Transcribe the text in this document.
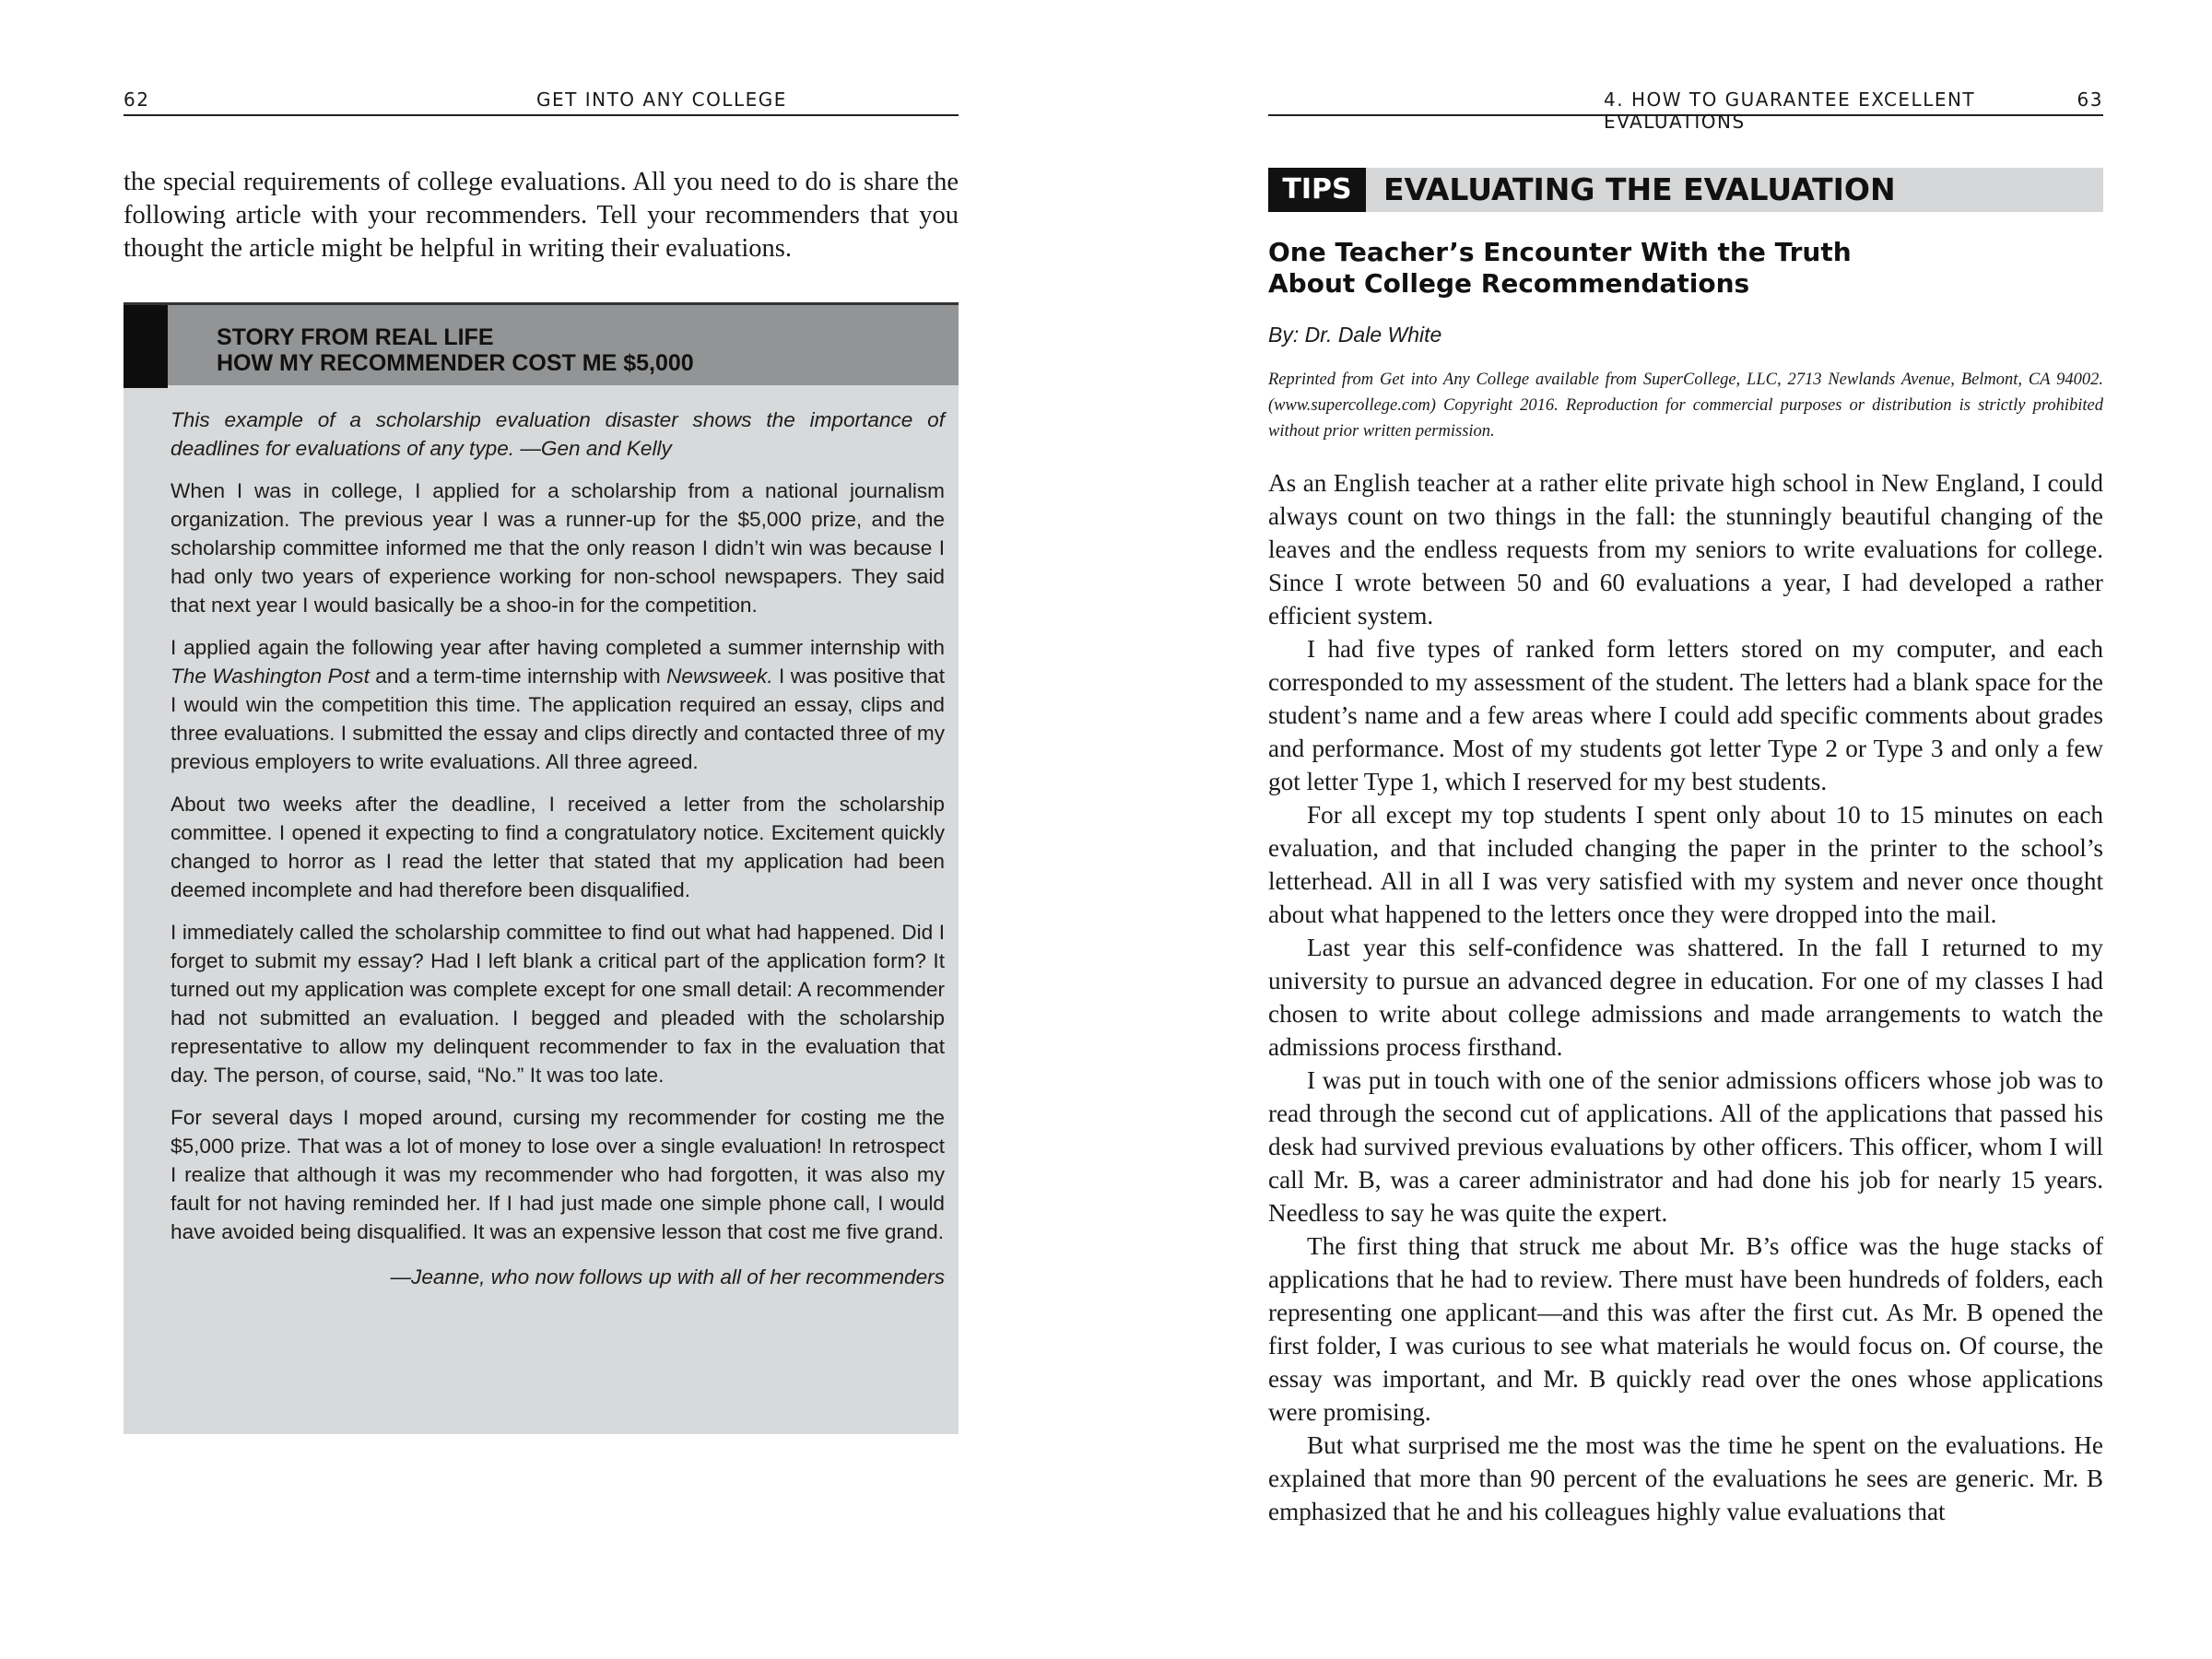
62	GET INTO ANY COLLEGE

the special requirements of college evaluations. All you need to do is share the following article with your recommenders. Tell your recommenders that you thought the article might be helpful in writing their evaluations.

STORY FROM REAL LIFE
HOW MY RECOMMENDER COST ME $5,000

This example of a scholarship evaluation disaster shows the importance of deadlines for evaluations of any type. —Gen and Kelly

When I was in college, I applied for a scholarship from a national journalism organization. The previous year I was a runner-up for the $5,000 prize, and the scholarship committee informed me that the only reason I didn’t win was because I had only two years of experience working for non-school newspapers. They said that next year I would basically be a shoo-in for the competition.

I applied again the following year after having completed a summer internship with The Washington Post and a term-time internship with Newsweek. I was positive that I would win the competition this time. The application required an essay, clips and three evaluations. I submitted the essay and clips directly and contacted three of my previous employers to write evaluations. All three agreed.

About two weeks after the deadline, I received a letter from the scholarship committee. I opened it expecting to find a congratulatory notice. Excitement quickly changed to horror as I read the letter that stated that my application had been deemed incomplete and had therefore been disqualified.

I immediately called the scholarship committee to find out what had happened. Did I forget to submit my essay? Had I left blank a critical part of the application form? It turned out my application was complete except for one small detail: A recommender had not submitted an evaluation. I begged and pleaded with the scholarship representative to allow my delinquent recommender to fax in the evaluation that day. The person, of course, said, “No.” It was too late.

For several days I moped around, cursing my recommender for costing me the $5,000 prize. That was a lot of money to lose over a single evaluation! In retrospect I realize that although it was my recommender who had forgotten, it was also my fault for not having reminded her. If I had just made one simple phone call, I would have avoided being disqualified. It was an expensive lesson that cost me five grand.

—Jeanne, who now follows up with all of her recommenders

4. HOW TO GUARANTEE EXCELLENT EVALUATIONS
63
TIPS	EVALUATING THE EVALUATION
One Teacher’s Encounter With the Truth
About College Recommendations
By: Dr. Dale White

Reprinted from Get into Any College available from SuperCollege, LLC, 2713 Newlands Avenue, Belmont, CA 94002. (www.supercollege.com) Copyright 2016. Reproduction for commercial purposes or distribution is strictly prohibited without prior written permission.

As an English teacher at a rather elite private high school in New England, I could always count on two things in the fall: the stunningly beautiful changing of the leaves and the endless requests from my seniors to write evaluations for college. Since I wrote between 50 and 60 evaluations a year, I had developed a rather efficient system.

I had five types of ranked form letters stored on my computer, and each corresponded to my assessment of the student. The letters had a blank space for the student’s name and a few areas where I could add specific comments about grades and performance. Most of my students got letter Type 2 or Type 3 and only a few got letter Type 1, which I reserved for my best students.

For all except my top students I spent only about 10 to 15 minutes on each evaluation, and that included changing the paper in the printer to the school’s letterhead. All in all I was very satisfied with my system and never once thought about what happened to the letters once they were dropped into the mail.

Last year this self-confidence was shattered. In the fall I returned to my university to pursue an advanced degree in education. For one of my classes I had chosen to write about college admissions and made arrangements to watch the admissions process firsthand.

I was put in touch with one of the senior admissions officers whose job was to read through the second cut of applications. All of the applications that passed his desk had survived previous evaluations by other officers. This officer, whom I will call Mr. B, was a career administrator and had done his job for nearly 15 years. Needless to say he was quite the expert.

The first thing that struck me about Mr. B’s office was the huge stacks of applications that he had to review. There must have been hundreds of folders, each representing one applicant—and this was after the first cut. As Mr. B opened the first folder, I was curious to see what materials he would focus on. Of course, the essay was important, and Mr. B quickly read over the ones whose applications were promising.

But what surprised me the most was the time he spent on the evaluations. He explained that more than 90 percent of the evaluations he sees are generic. Mr. B emphasized that he and his colleagues highly value evaluations that
